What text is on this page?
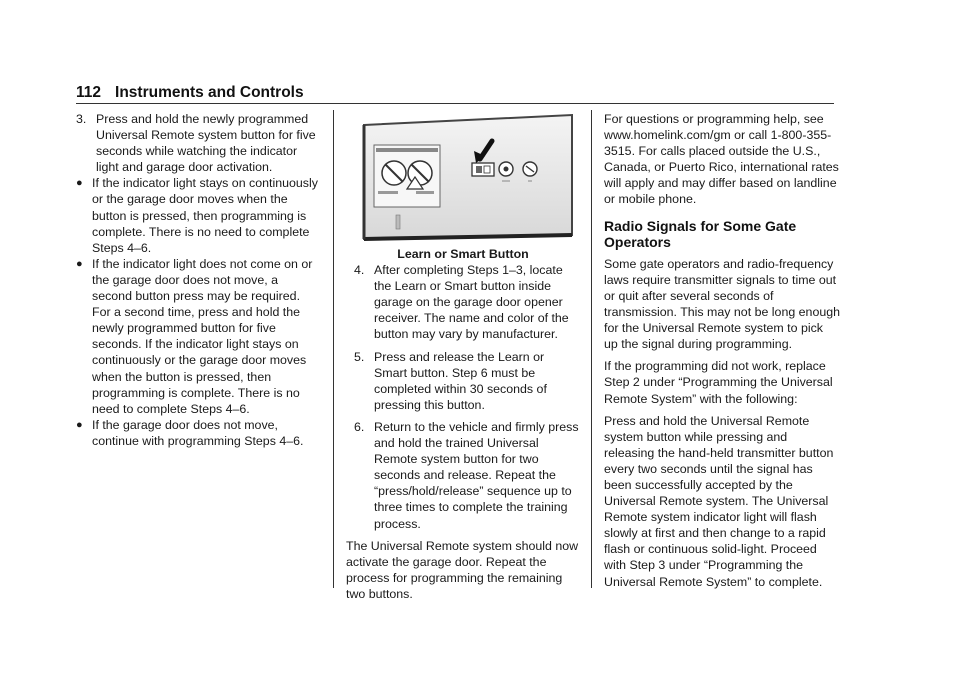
112 Instruments and Controls

3. Press and hold the newly programmed Universal Remote system button for five seconds while watching the indicator light and garage door activation.

● If the indicator light stays on continuously or the garage door moves when the button is pressed, then programming is complete. There is no need to complete Steps 4–6.

● If the indicator light does not come on or the garage door does not move, a second button press may be required. For a second time, press and hold the newly programmed button for five seconds. If the indicator light stays on continuously or the garage door moves when the button is pressed, then programming is complete. There is no need to complete Steps 4–6.

● If the garage door does not move, continue with programming Steps 4–6.

Learn or Smart Button

4. After completing Steps 1–3, locate the Learn or Smart button inside garage on the garage door opener receiver. The name and color of the button may vary by manufacturer.

5. Press and release the Learn or Smart button. Step 6 must be completed within 30 seconds of pressing this button.

6. Return to the vehicle and firmly press and hold the trained Universal Remote system button for two seconds and release. Repeat the “press/hold/release” sequence up to three times to complete the training process.

The Universal Remote system should now activate the garage door. Repeat the process for programming the remaining two buttons.

For questions or programming help, see www.homelink.com/gm or call 1-800-355-3515. For calls placed outside the U.S., Canada, or Puerto Rico, international rates will apply and may differ based on landline or mobile phone.

Radio Signals for Some Gate Operators

Some gate operators and radio-frequency laws require transmitter signals to time out or quit after several seconds of transmission. This may not be long enough for the Universal Remote system to pick up the signal during programming.

If the programming did not work, replace Step 2 under “Programming the Universal Remote System” with the following:

Press and hold the Universal Remote system button while pressing and releasing the hand-held transmitter button every two seconds until the signal has been successfully accepted by the Universal Remote system. The Universal Remote system indicator light will flash slowly at first and then change to a rapid flash or continuous solid-light. Proceed with Step 3 under “Programming the Universal Remote System” to complete.
